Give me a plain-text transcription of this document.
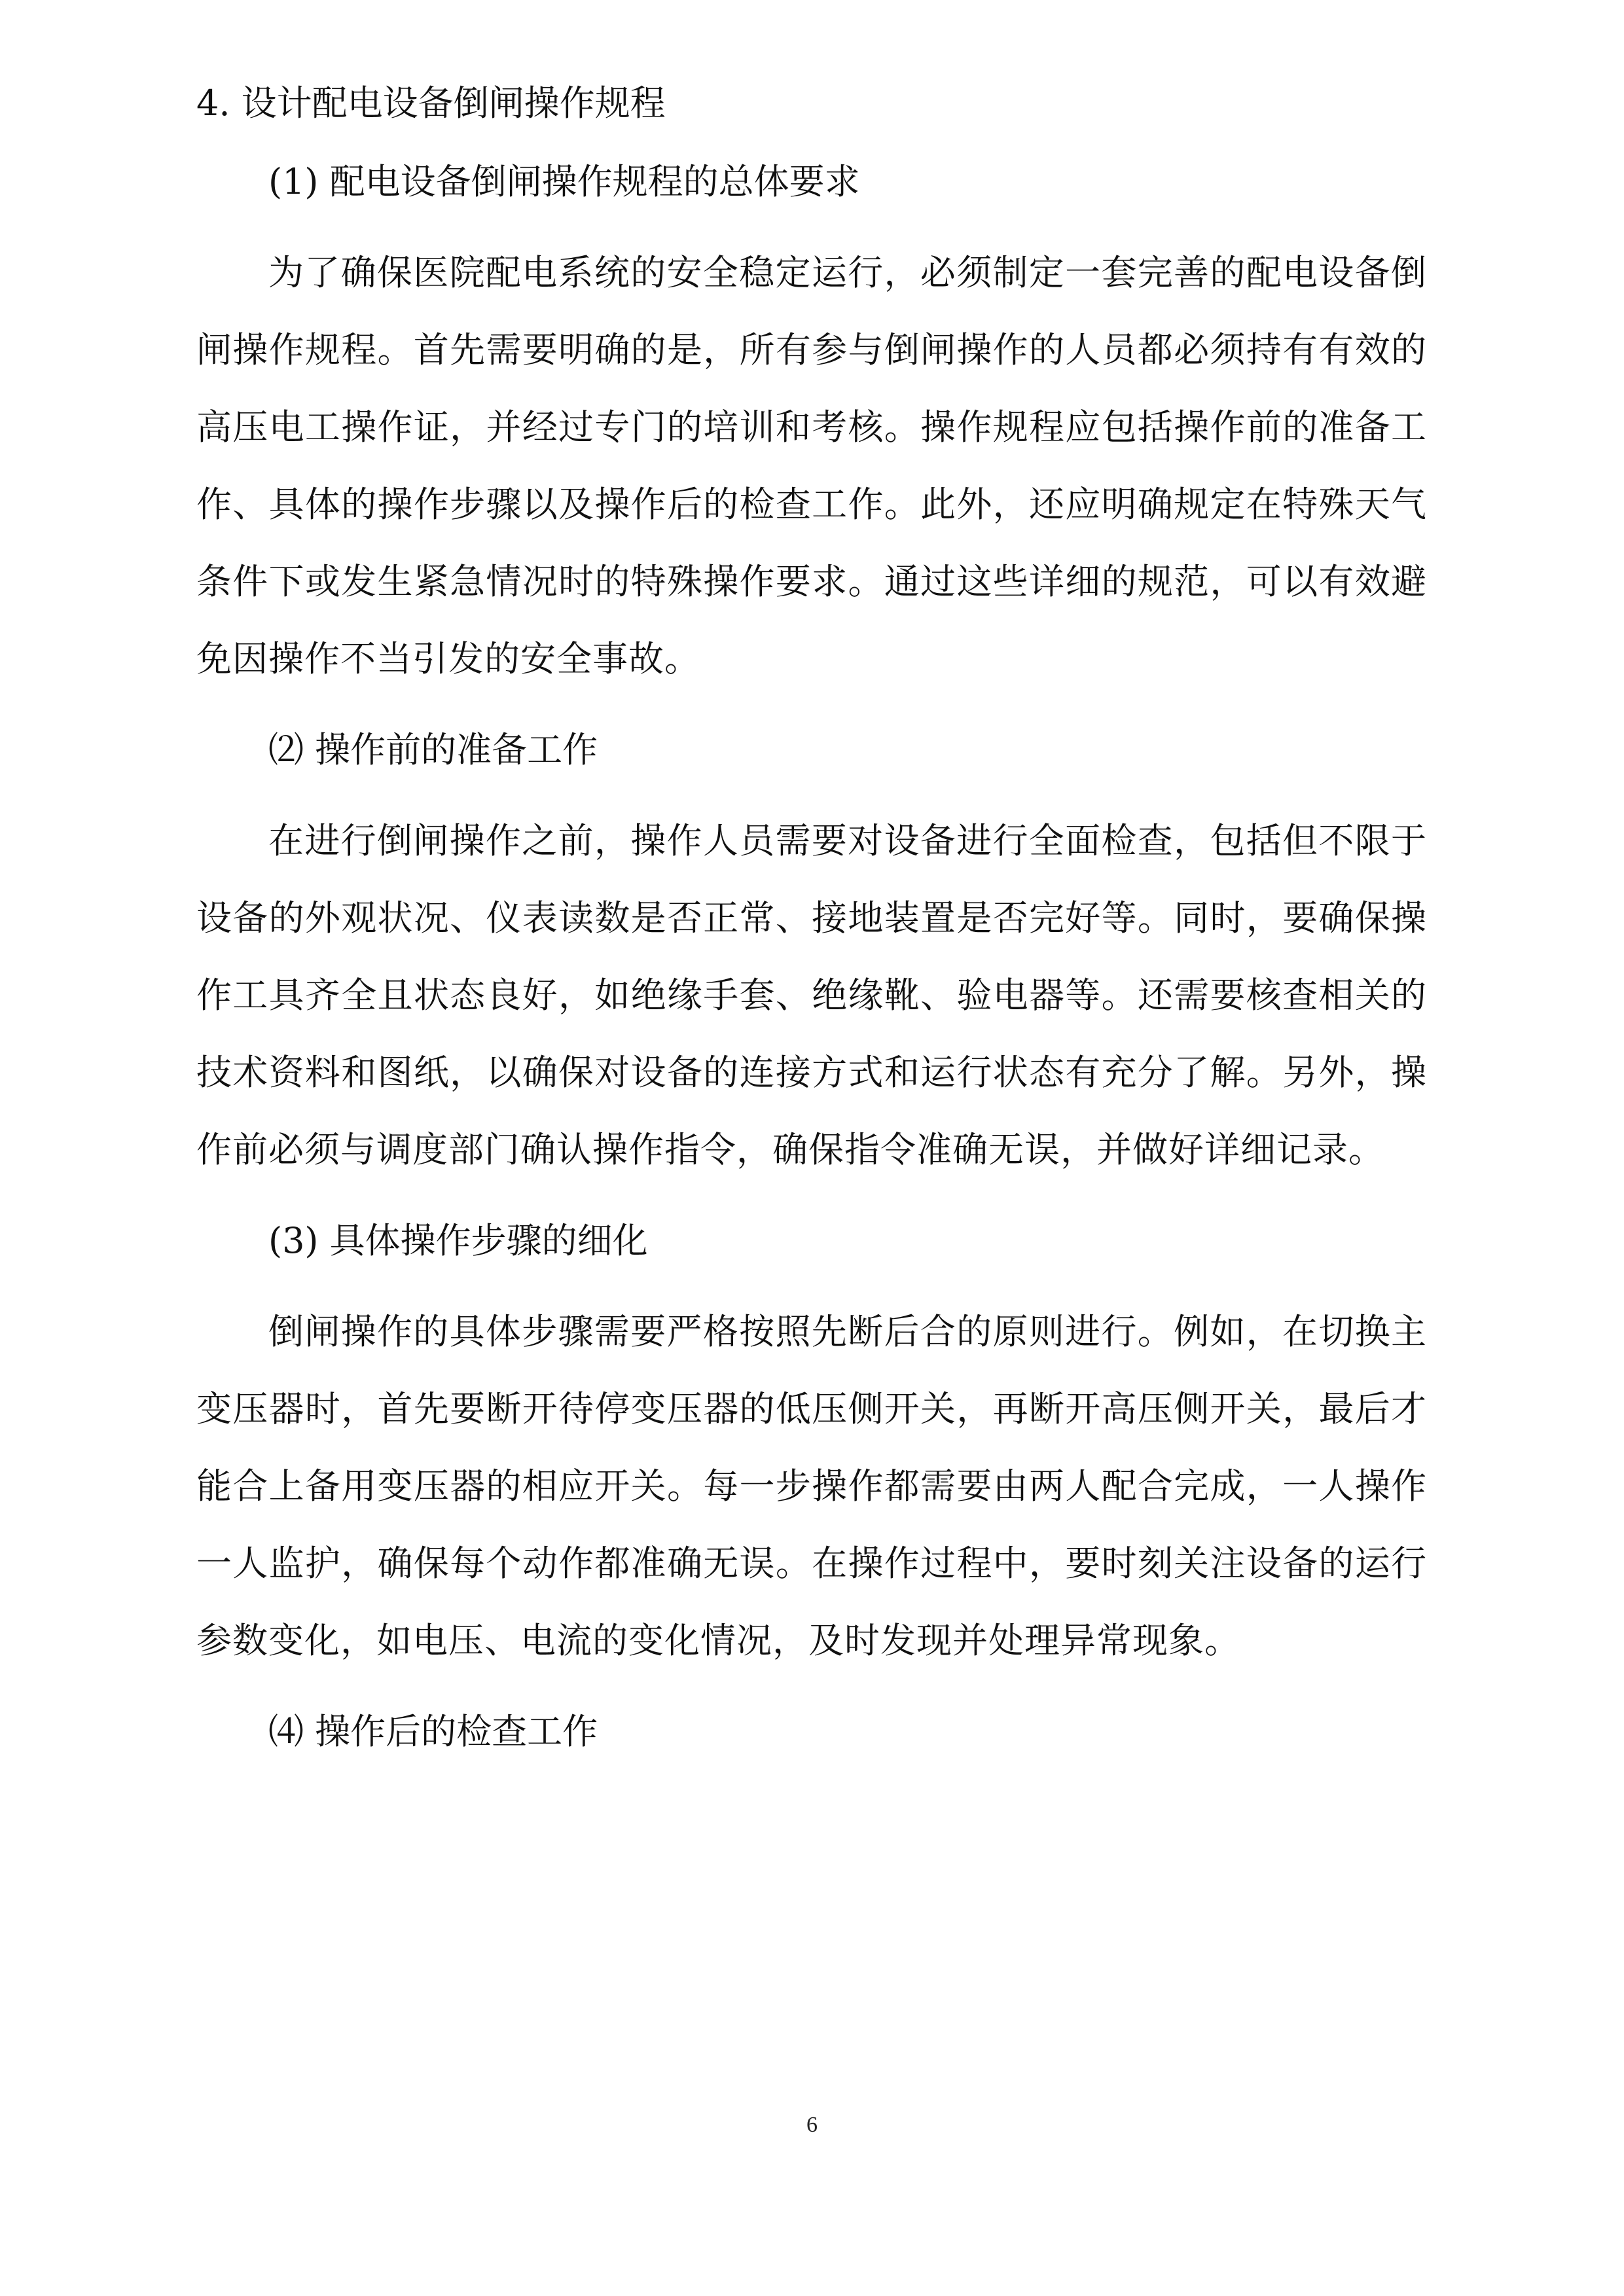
4. 设计配电设备倒闸操作规程
(1) 配电设备倒闸操作规程的总体要求

为了确保医院配电系统的安全稳定运行，必须制定一套完善的配电设备倒闸操作规程。首先需要明确的是，所有参与倒闸操作的人员都必须持有有效的高压电工操作证，并经过专门的培训和考核。操作规程应包括操作前的准备工作、具体的操作步骤以及操作后的检查工作。此外，还应明确规定在特殊天气条件下或发生紧急情况时的特殊操作要求。通过这些详细的规范，可以有效避免因操作不当引发的安全事故。

⑵ 操作前的准备工作

在进行倒闸操作之前，操作人员需要对设备进行全面检查，包括但不限于设备的外观状况、仪表读数是否正常、接地装置是否完好等。同时，要确保操作工具齐全且状态良好，如绝缘手套、绝缘靴、验电器等。还需要核查相关的技术资料和图纸，以确保对设备的连接方式和运行状态有充分了解。另外，操作前必须与调度部门确认操作指令，确保指令准确无误，并做好详细记录。

(3) 具体操作步骤的细化

倒闸操作的具体步骤需要严格按照先断后合的原则进行。例如，在切换主变压器时，首先要断开待停变压器的低压侧开关，再断开高压侧开关，最后才能合上备用变压器的相应开关。每一步操作都需要由两人配合完成，一人操作一人监护，确保每个动作都准确无误。在操作过程中，要时刻关注设备的运行参数变化，如电压、电流的变化情况，及时发现并处理异常现象。

⑷ 操作后的检查工作
6
